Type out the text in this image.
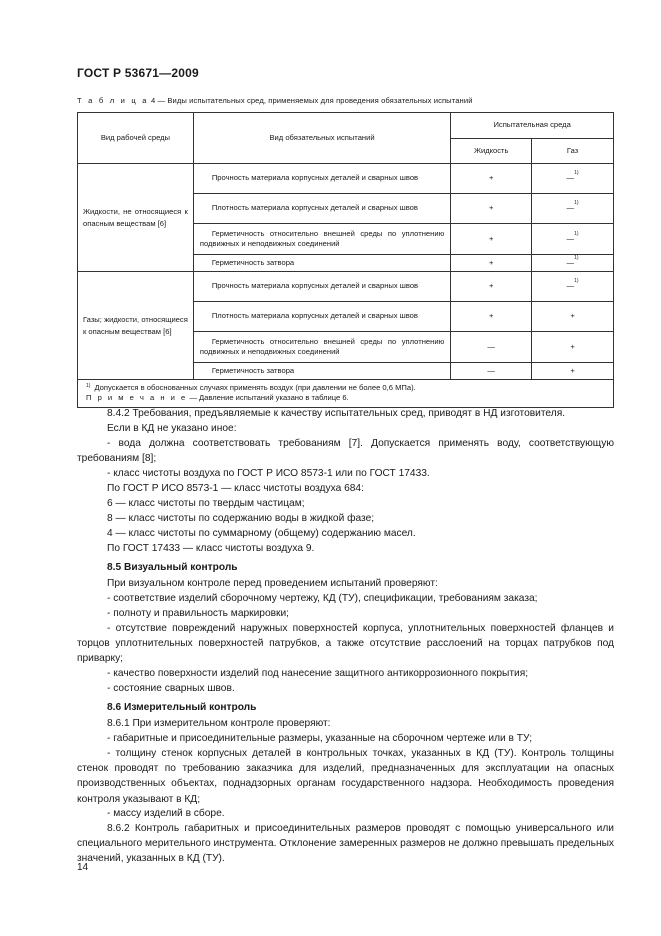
ГОСТ Р 53671—2009
Т а б л и ц а 4 — Виды испытательных сред, применяемых для проведения обязательных испытаний
Вид рабочей среды	Вид обязательных испытаний	Испытательная среда	
		Жидкость	Газ
Жидкости, не относящиеся к опасным веществам [6]	Прочность материала корпусных деталей и сварных швов	+	—$^{1)}$
	Плотность материала корпусных деталей и сварных швов	+	—$^{1)}$
	Герметичность относительно внешней среды по уплотнению подвижных и неподвижных соединений	+	—$^{1)}$
	Герметичность затвора	+	—$^{1)}$
Газы; жидкости, относящиеся к опасным веществам [6]	Прочность материала корпусных деталей и сварных швов	+	—$^{1)}$
	Плотность материала корпусных деталей и сварных швов	+	+
	Герметичность относительно внешней среды по уплотнению подвижных и неподвижных соединений	—	+
	Герметичность затвора	—	+

$^{1)}$ Допускается в обоснованных случаях применять воздух (при давлении не более 0,6 МПа).
П р и м е ч а н и е — Давление испытаний указано в таблице 6.			
8.4.2 Требования, предъявляемые к качеству испытательных сред, приводят в НД изготовителя.
Если в КД не указано иное:

- вода должна соответствовать требованиям [7]. Допускается применять воду, соответствующую требованиям [8];

- класс чистоты воздуха по ГОСТ Р ИСО 8573-1 или по ГОСТ 17433.
По ГОСТ Р ИСО 8573-1 — класс чистоты воздуха 684:
6 — класс чистоты по твердым частицам;
8 — класс чистоты по содержанию воды в жидкой фазе;
4 — класс чистоты по суммарному (общему) содержанию масел.
По ГОСТ 17433 — класс чистоты воздуха 9.
8.5 Визуальный контроль
При визуальном контроле перед проведением испытаний проверяют:
- соответствие изделий сборочному чертежу, КД (ТУ), спецификации, требованиям заказа;
- полноту и правильность маркировки;

- отсутствие повреждений наружных поверхностей корпуса, уплотнительных поверхностей фланцев и торцов уплотнительных поверхностей патрубков, а также отсутствие расслоений на торцах патрубков под приварку;

- качество поверхности изделий под нанесение защитного антикоррозионного покрытия;
- состояние сварных швов.
8.6 Измерительный контроль
8.6.1 При измерительном контроле проверяют:
- габаритные и присоединительные размеры, указанные на сборочном чертеже или в ТУ;

- толщину стенок корпусных деталей в контрольных точках, указанных в КД (ТУ). Контроль толщины стенок проводят по требованию заказчика для изделий, предназначенных для эксплуатации на опасных производственных объектах, поднадзорных органам государственного надзора. Необходимость проведения контроля указывают в КД;

- массу изделий в сборе.

8.6.2 Контроль габаритных и присоединительных размеров проводят с помощью универсального или специального мерительного инструмента. Отклонение замеренных размеров не должно превышать предельных значений, указанных в КД (ТУ).

14
